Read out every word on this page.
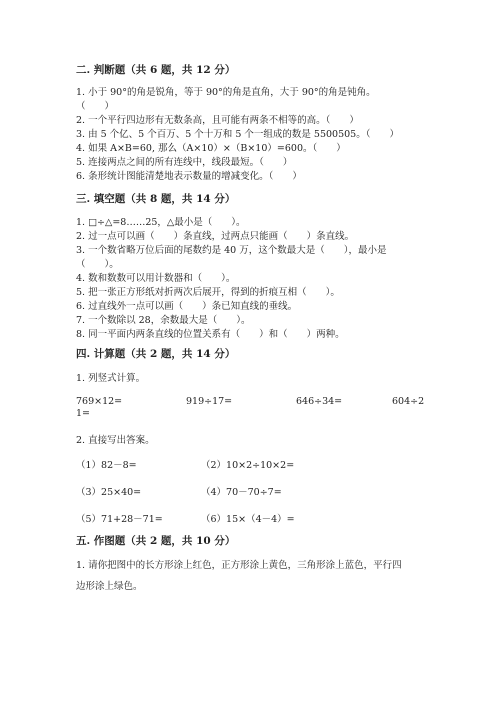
二. 判断题（共 6 题，共 12 分）
1. 小于 90°的角是锐角，等于 90°的角是直角，大于 90°的角是钝角。
（　　）
2. 一个平行四边形有无数条高，且可能有两条不相等的高。（　　）
3. 由 5 个亿、5 个百万、5 个十万和 5 个一组成的数是 5500505。（　　）
4. 如果 A×B=60, 那么（A×10）×（B×10）=600。（　　）
5. 连接两点之间的所有连线中，线段最短。（　　）
6. 条形统计图能清楚地表示数量的增减变化。（　　）
三. 填空题（共 8 题，共 14 分）
1. □÷△=8……25，△最小是（　　）。
2. 过一点可以画（　　）条直线，过两点只能画（　　）条直线。
3. 一个数省略万位后面的尾数约是 40 万，这个数最大是（　　），最小是
（　　）。
4. 数和数数可以用计数器和（　　）。
5. 把一张正方形纸对折两次后展开，得到的折痕互相（　　）。
6. 过直线外一点可以画（　　）条已知直线的垂线。
7. 一个数除以 28，余数最大是（　　）。
8. 同一平面内两条直线的位置关系有（　　）和（　　）两种。
四. 计算题（共 2 题，共 14 分）
1. 列竖式计算。
769×12=	919÷17=	646÷34=	604÷2
1=
2. 直接写出答案。
（1）82－8=	（2）10×2÷10×2=
（3）25×40=	（4）70－70÷7=
（5）71+28－71=	（6）15×（4－4）=
五. 作图题（共 2 题，共 10 分）
1. 请你把图中的长方形涂上红色，正方形涂上黄色，三角形涂上蓝色，平行四
边形涂上绿色。
